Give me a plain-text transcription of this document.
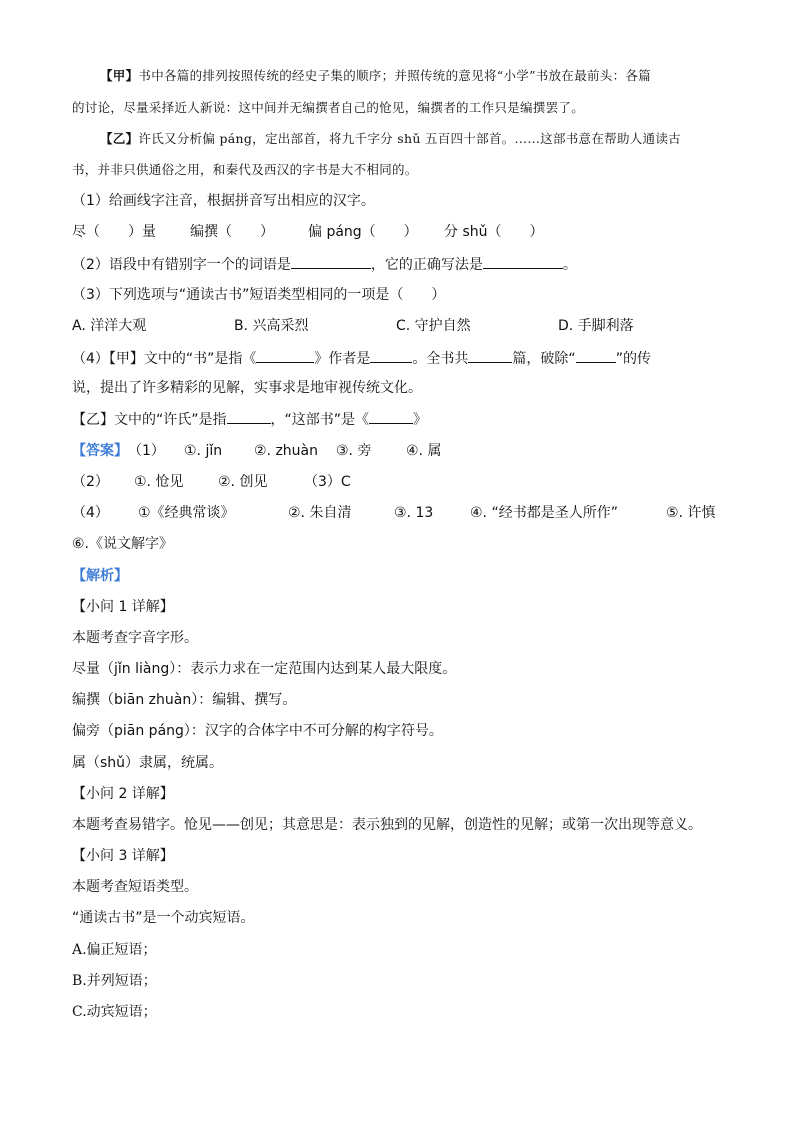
【甲】书中各篇的排列按照传统的经史子集的顺序；并照传统的意见将“小学”书放在最前头：各篇
的讨论，尽量采择近人新说：这中间并无编撰者自己的怆见，编撰者的工作只是编撰罢了。
【乙】许氏又分析偏 páng，定出部首，将九千字分 shǔ 五百四十部首。……这部书意在帮助人通读古
书，并非只供通俗之用，和秦代及西汉的字书是大不相同的。
（1）给画线字注音，根据拼音写出相应的汉字。
尽（　　）量 编撰（　　） 偏 páng（　　） 分 shǔ（　　）
（2）语段中有错别字一个的词语是	，它的正确写法是	。
（3）下列选项与“通读古书”短语类型相同的一项是（　　）
A. 洋洋大观	B. 兴高采烈	C. 守护自然	D. 手脚利落
（4）【甲】文中的“书”是指《	》作者是	。全书共	篇，破除“	”的传
说，提出了许多精彩的见解，实事求是地审视传统文化。
【乙】文中的“许氏”是指	，“这部书”是《	》
【答案】 （1） ①. jǐn ②. zhuàn ③. 旁 ④. 属
（2） ①. 怆见 ②. 创见	（3）C
（4） ①《经典常谈》	②. 朱自清	③. 13	④. “经书都是圣人所作”	⑤. 许慎
⑥.《说文解字》
【解析】
【小问 1 详解】
本题考查字音字形。
尽量（jǐn liàng）：表示力求在一定范围内达到某人最大限度。
编撰（biān zhuàn）：编辑、撰写。
偏旁（piān páng）：汉字的合体字中不可分解的构字符号。
属（shǔ）隶属，统属。
【小问 2 详解】
本题考查易错字。怆见——创见；其意思是：表示独到的见解，创造性的见解；或第一次出现等意义。
【小问 3 详解】
本题考查短语类型。
“通读古书”是一个动宾短语。
A.偏正短语；
B.并列短语；
C.动宾短语；
